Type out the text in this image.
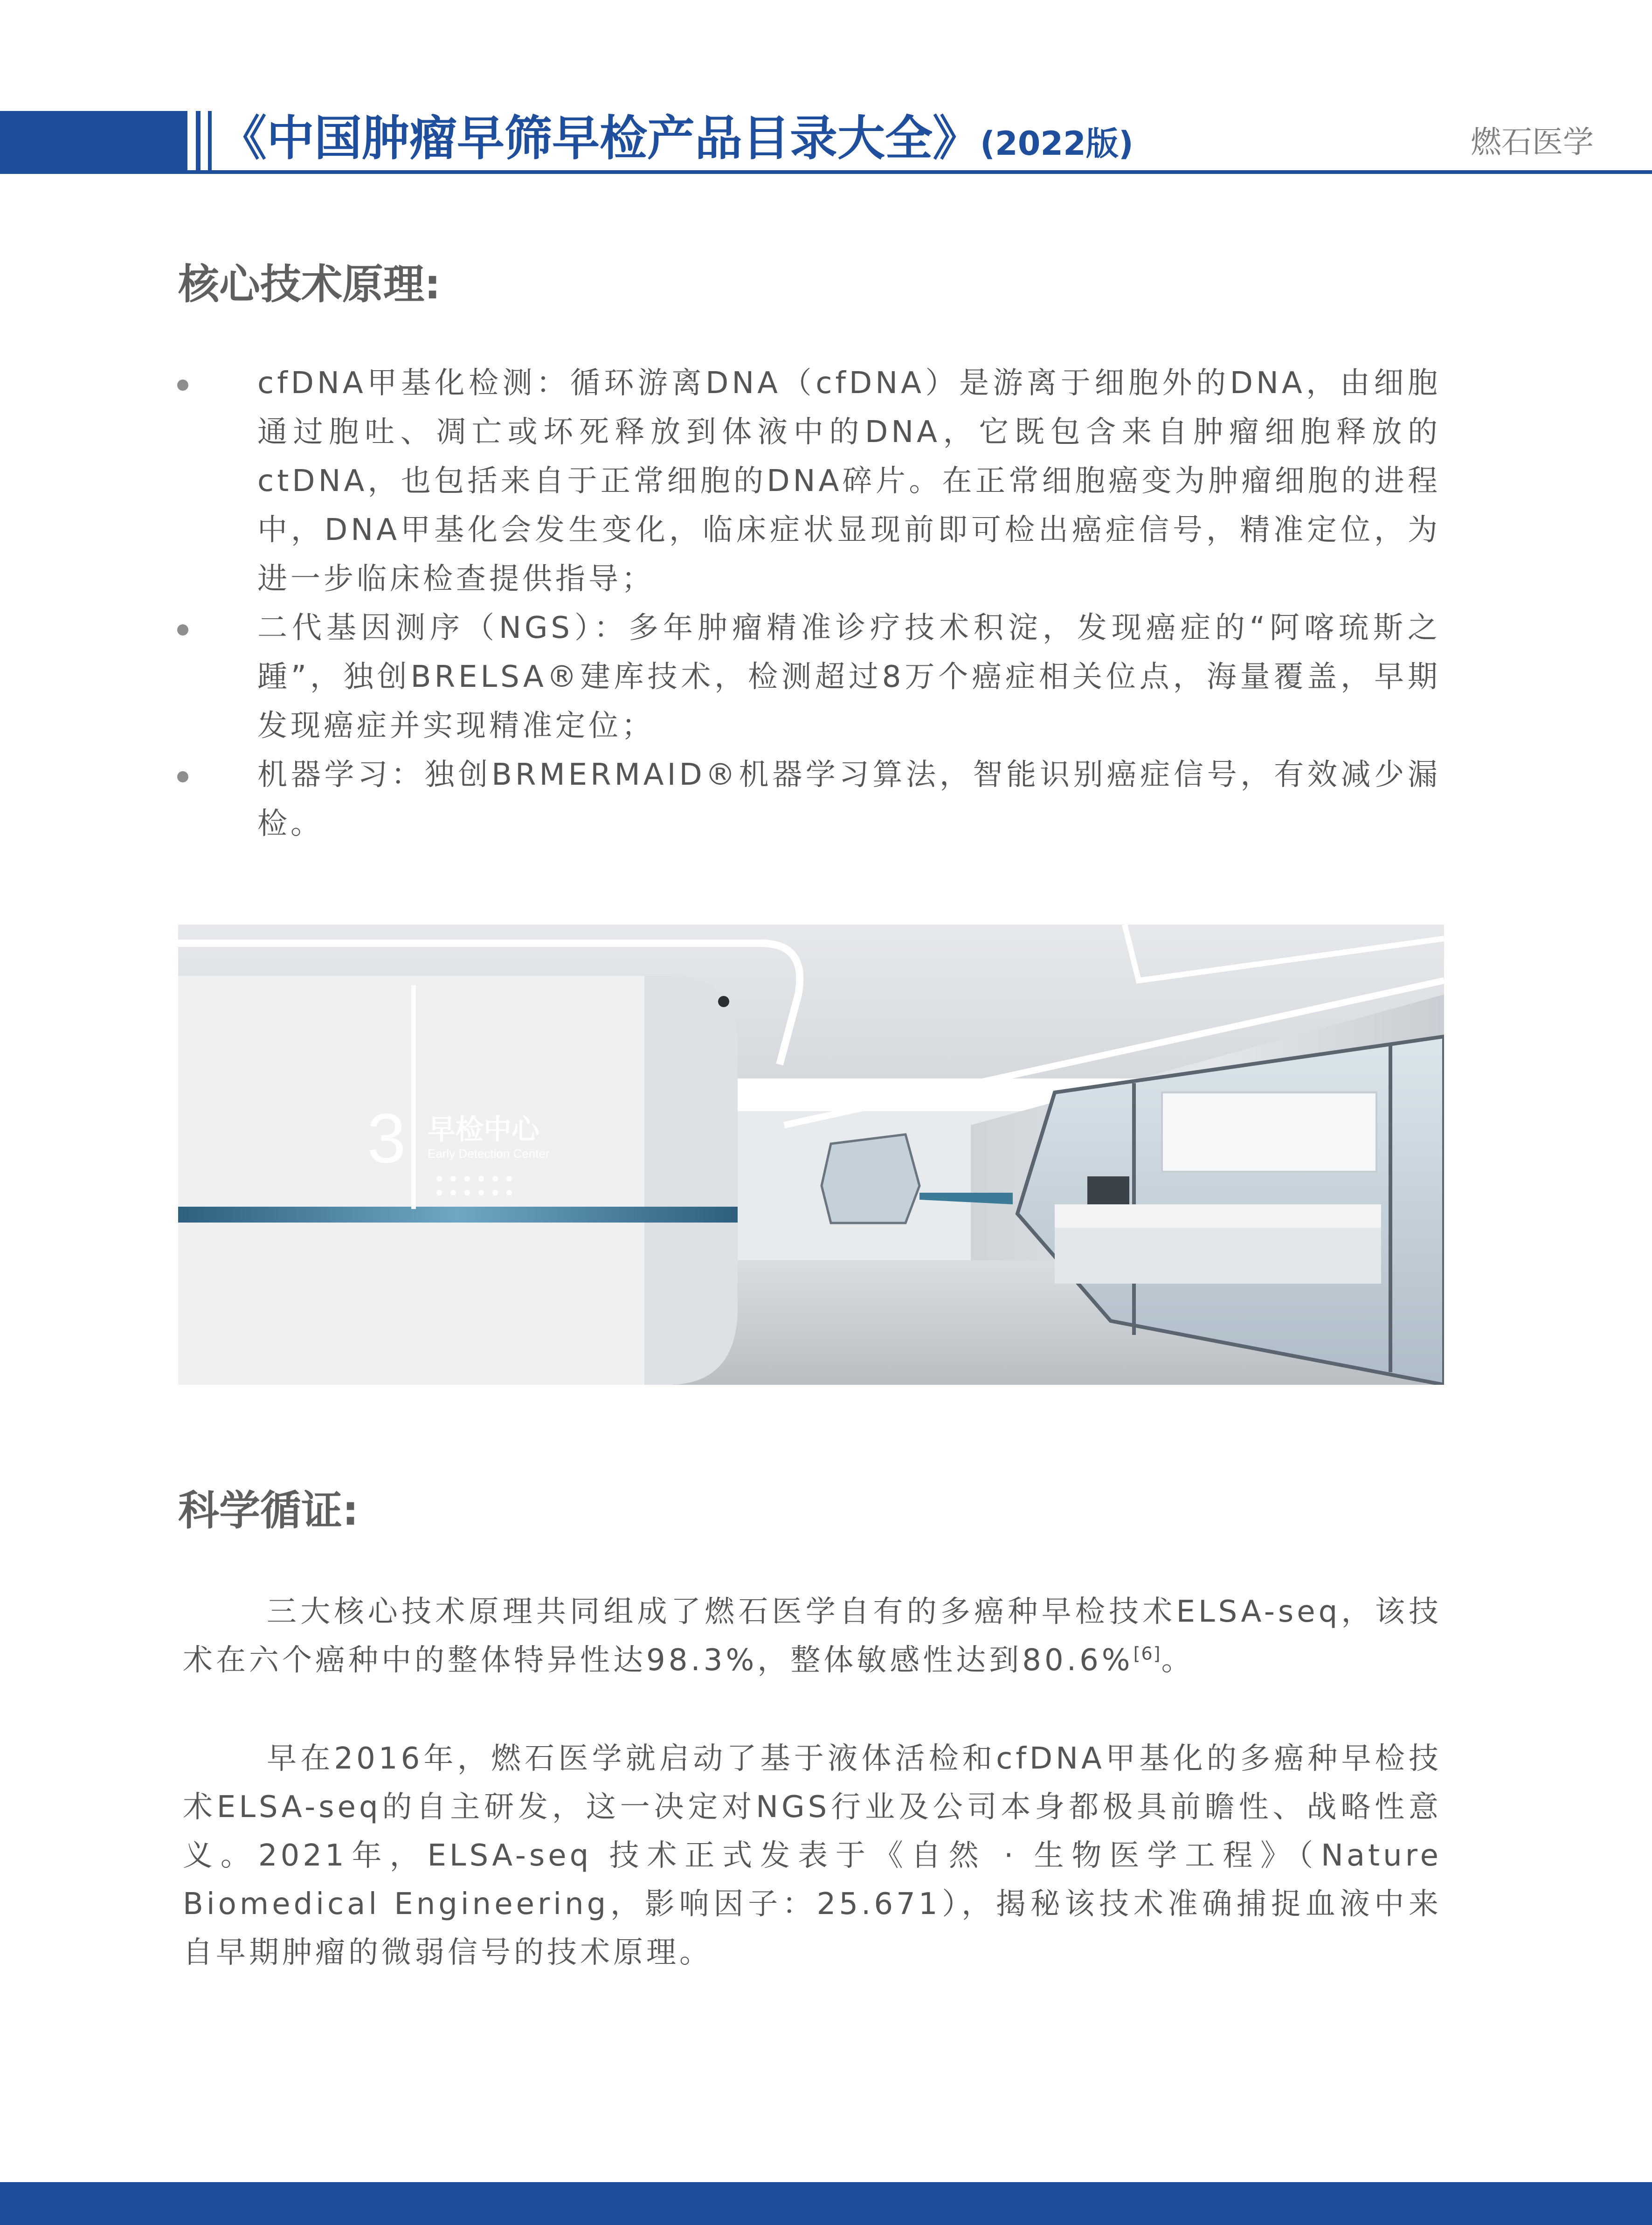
《中国肿瘤早筛早检产品目录大全》(2022版)	燃石医学
核心技术原理:
cfDNA甲基化检测：循环游离DNA（cfDNA）是游离于细胞外的DNA，由细胞通过胞吐、凋亡或坏死释放到体液中的DNA，它既包含来自肿瘤细胞释放的 ctDNA，也包括来自于正常细胞的DNA碎片。在正常细胞癌变为肿瘤细胞的进程中，DNA甲基化会发生变化，临床症状显现前即可检出癌症信号，精准定位，为进一步临床检查提供指导；
二代基因测序（NGS）：多年肿瘤精准诊疗技术积淀，发现癌症的“阿喀琉斯之踵”，独创BRELSA®建库技术，检测超过8万个癌症相关位点，海量覆盖，早期发现癌症并实现精准定位；
机器学习：独创BRMERMAID®机器学习算法，智能识别癌症信号，有效减少漏检。
3 早检中心
Early Detection Center
科学循证:

三大核心技术原理共同组成了燃石医学自有的多癌种早检技术ELSA-seq，该技术在六个癌种中的整体特异性达98.3%，整体敏感性达到80.6%[6]。

早在2016年，燃石医学就启动了基于液体活检和cfDNA甲基化的多癌种早检技术ELSA-seq的自主研发，这一决定对NGS行业及公司本身都极具前瞻性、战略性意义。2021年，ELSA-seq 技术正式发表于《自然 · 生物医学工程》（Nature Biomedical Engineering，影响因子：25.671），揭秘该技术准确捕捉血液中来自早期肿瘤的微弱信号的技术原理。
